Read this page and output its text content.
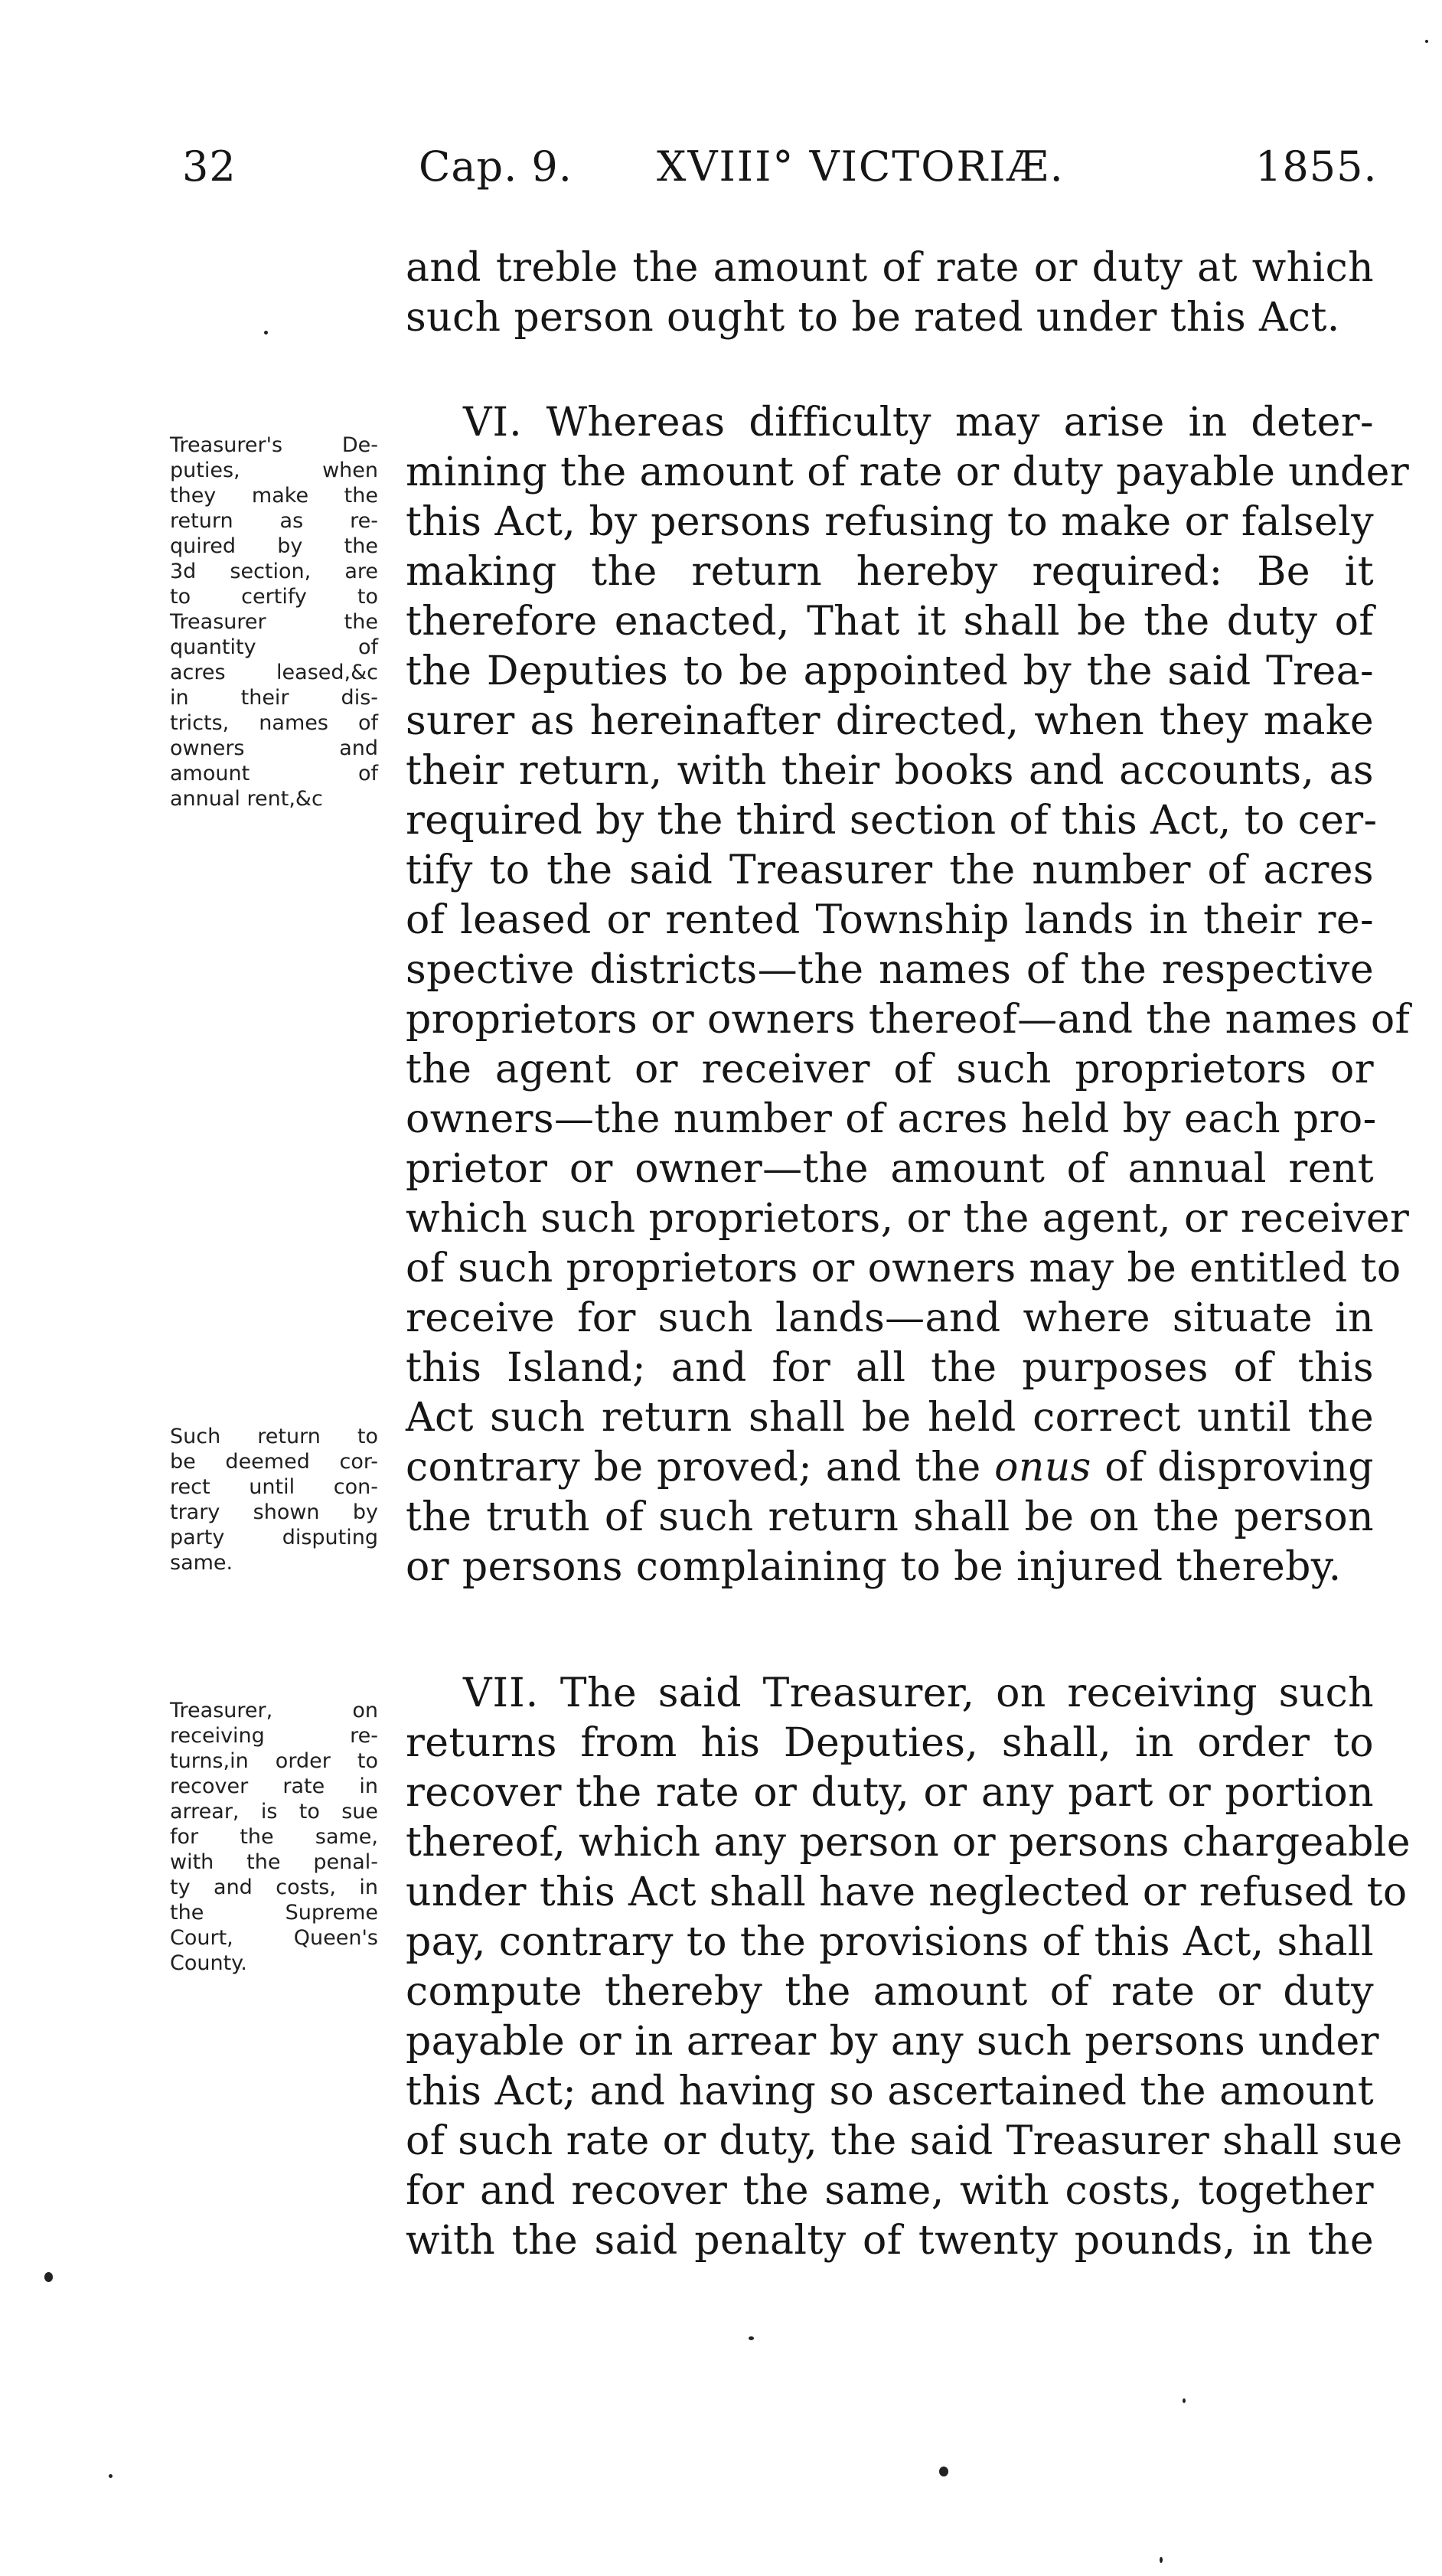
32	Cap. 9. XVIII° VICTORIÆ.	1855.
and treble the amount of rate or duty at which
such person ought to be rated under this Act.
VI. Whereas difficulty may arise in deter-
mining the amount of rate or duty payable under
this Act, by persons refusing to make or falsely
making the return hereby required: Be it
therefore enacted, That it shall be the duty of
the Deputies to be appointed by the said Trea-
surer as hereinafter directed, when they make
their return, with their books and accounts, as
required by the third section of this Act, to cer-
tify to the said Treasurer the number of acres
of leased or rented Township lands in their re-
spective districts—the names of the respective
proprietors or owners thereof—and the names of
the agent or receiver of such proprietors or
owners—the number of acres held by each pro-
prietor or owner—the amount of annual rent
which such proprietors, or the agent, or receiver
of such proprietors or owners may be entitled to
receive for such lands—and where situate in
this Island; and for all the purposes of this
Act such return shall be held correct until the
contrary be proved; and the onus of disproving
the truth of such return shall be on the person
or persons complaining to be injured thereby.
VII. The said Treasurer, on receiving such
returns from his Deputies, shall, in order to
recover the rate or duty, or any part or portion
thereof, which any person or persons chargeable
under this Act shall have neglected or refused to
pay, contrary to the provisions of this Act, shall
compute thereby the amount of rate or duty
payable or in arrear by any such persons under
this Act; and having so ascertained the amount
of such rate or duty, the said Treasurer shall sue
for and recover the same, with costs, together
with the said penalty of twenty pounds, in the
Treasurer's De-
puties, when
they make the
return as re-
quired by the
3d section, are
to certify to
Treasurer the
quantity of
acres leased,&c
in their dis-
tricts, names of
owners and
amount of
annual rent,&c
Such return to
be deemed cor-
rect until con-
trary shown by
party disputing
same.
Treasurer, on
receiving re-
turns,in order to
recover rate in
arrear, is to sue
for the same,
with the penal-
ty and costs, in
the Supreme
Court, Queen's
County.
